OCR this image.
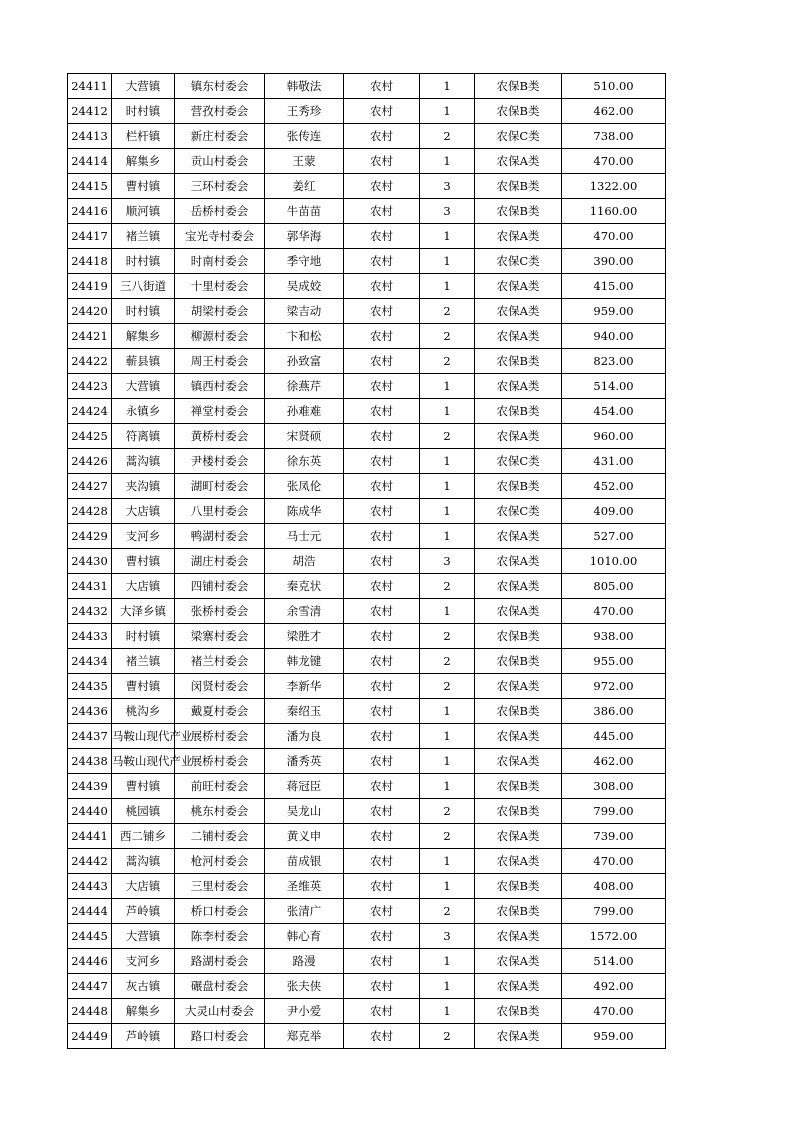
24411	大营镇	镇东村委会	韩敬法	农村	1	农保B类	510.00
24412	时村镇	营孜村委会	王秀珍	农村	1	农保B类	462.00
24413	栏杆镇	新庄村委会	张传连	农村	2	农保C类	738.00
24414	解集乡	贡山村委会	王蒙	农村	1	农保A类	470.00
24415	曹村镇	三环村委会	姜红	农村	3	农保B类	1322.00
24416	顺河镇	岳桥村委会	牛苗苗	农村	3	农保B类	1160.00
24417	褚兰镇	宝光寺村委会	郭华海	农村	1	农保A类	470.00
24418	时村镇	时南村委会	季守地	农村	1	农保C类	390.00
24419	三八街道	十里村委会	吴成姣	农村	1	农保A类	415.00
24420	时村镇	胡梁村委会	梁吉动	农村	2	农保A类	959.00
24421	解集乡	柳源村委会	卞和松	农村	2	农保A类	940.00
24422	蕲县镇	周王村委会	孙致富	农村	2	农保B类	823.00
24423	大营镇	镇西村委会	徐燕芹	农村	1	农保A类	514.00
24424	永镇乡	禅堂村委会	孙难难	农村	1	农保B类	454.00
24425	符离镇	黄桥村委会	宋贤硕	农村	2	农保A类	960.00
24426	蒿沟镇	尹楼村委会	徐东英	农村	1	农保C类	431.00
24427	夹沟镇	湖町村委会	张凤伦	农村	1	农保B类	452.00
24428	大店镇	八里村委会	陈成华	农村	1	农保C类	409.00
24429	支河乡	鸭湖村委会	马士元	农村	1	农保A类	527.00
24430	曹村镇	湖庄村委会	胡浩	农村	3	农保A类	1010.00
24431	大店镇	四铺村委会	秦克状	农村	2	农保A类	805.00
24432	大泽乡镇	张桥村委会	余雪清	农村	1	农保A类	470.00
24433	时村镇	梁寨村委会	梁胜才	农村	2	农保B类	938.00
24434	褚兰镇	褚兰村委会	韩龙键	农村	2	农保B类	955.00
24435	曹村镇	闵贤村委会	李新华	农村	2	农保A类	972.00
24436	桃沟乡	戴夏村委会	秦绍玉	农村	1	农保B类	386.00
24437	马鞍山现代产业	展桥村委会	潘为良	农村	1	农保A类	445.00
24438	马鞍山现代产业	展桥村委会	潘秀英	农村	1	农保A类	462.00
24439	曹村镇	前旺村委会	蒋冠臣	农村	1	农保B类	308.00
24440	桃园镇	桃东村委会	吴龙山	农村	2	农保B类	799.00
24441	西二铺乡	二铺村委会	黄义申	农村	2	农保A类	739.00
24442	蒿沟镇	枪河村委会	苗成银	农村	1	农保A类	470.00
24443	大店镇	三里村委会	圣维英	农村	1	农保B类	408.00
24444	芦岭镇	桥口村委会	张清广	农村	2	农保B类	799.00
24445	大营镇	陈李村委会	韩心育	农村	3	农保A类	1572.00
24446	支河乡	路湖村委会	路漫	农村	1	农保A类	514.00
24447	灰古镇	碾盘村委会	张夫侠	农村	1	农保A类	492.00
24448	解集乡	大灵山村委会	尹小爱	农村	1	农保B类	470.00
24449	芦岭镇	路口村委会	郑克举	农村	2	农保A类	959.00
